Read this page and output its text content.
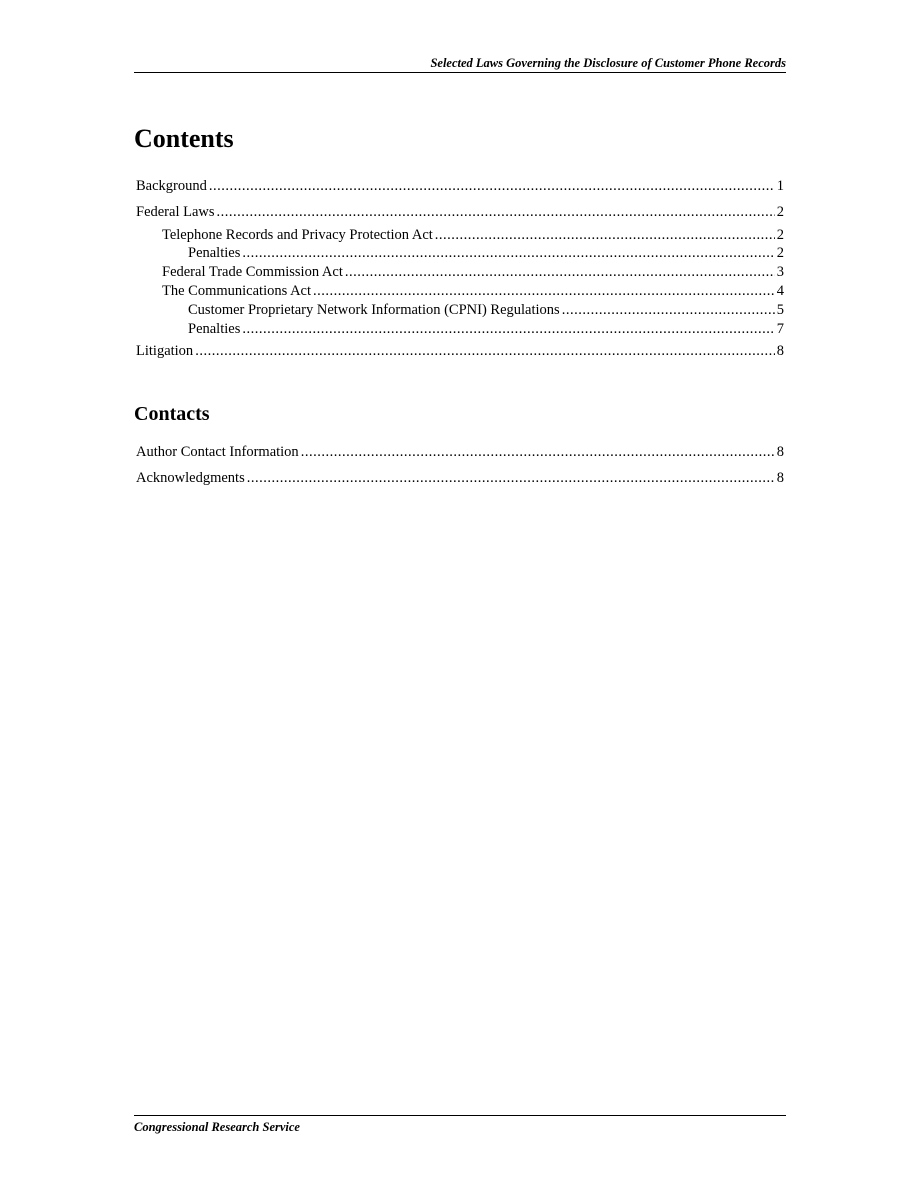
Selected Laws Governing the Disclosure of Customer Phone Records
Contents
Background .....	1
Federal Laws .....	2
Telephone Records and Privacy Protection Act .....	2
Penalties .....	2
Federal Trade Commission Act .....	3
The Communications Act .....	4
Customer Proprietary Network Information (CPNI) Regulations .....	5
Penalties .....	7
Litigation .....	8
Contacts
Author Contact Information .....	8
Acknowledgments .....	8
Congressional Research Service
